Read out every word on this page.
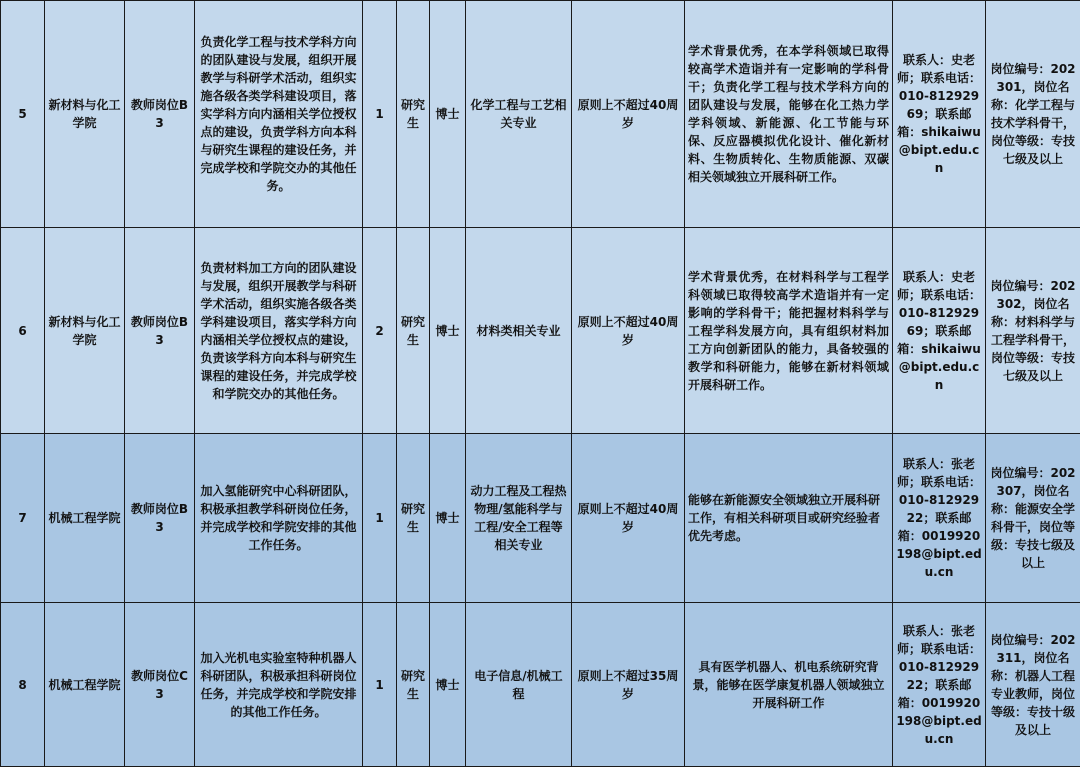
5	新材料与化工学院	教师岗位B3	负责化学工程与技术学科方向的团队建设与发展，组织开展教学与科研学术活动，组织实施各级各类学科建设项目，落实学科方向内涵相关学位授权点的建设，负责学科方向本科与研究生课程的建设任务，并完成学校和学院交办的其他任务。	1	研究生	博士	化学工程与工艺相关专业	原则上不超过40周岁	学术背景优秀，在本学科领域已取得较高学术造诣并有一定影响的学科骨干；负责化学工程与技术学科方向的团队建设与发展，能够在化工热力学学科领域、新能源、化工节能与环保、反应器模拟优化设计、催化新材料、生物质转化、生物质能源、双碳相关领域独立开展科研工作。	联系人：史老师；联系电话：010-81292969；联系邮箱：shikaiwu@bipt.edu.cn	岗位编号：202301，岗位名称：化学工程与技术学科骨干，岗位等级：专技七级及以上
6	新材料与化工学院	教师岗位B3	负责材料加工方向的团队建设与发展，组织开展教学与科研学术活动，组织实施各级各类学科建设项目，落实学科方向内涵相关学位授权点的建设，负责该学科方向本科与研究生课程的建设任务，并完成学校和学院交办的其他任务。	2	研究生	博士	材料类相关专业	原则上不超过40周岁	学术背景优秀，在材料科学与工程学科领域已取得较高学术造诣并有一定影响的学科骨干；能把握材料科学与工程学科发展方向，具有组织材料加工方向创新团队的能力，具备较强的教学和科研能力，能够在新材料领域开展科研工作。	联系人：史老师；联系电话：010-81292969；联系邮箱：shikaiwu@bipt.edu.cn	岗位编号：202302，岗位名称：材料科学与工程学科骨干，岗位等级：专技七级及以上
7	机械工程学院	教师岗位B3	加入氢能研究中心科研团队，积极承担教学科研岗位任务，并完成学校和学院安排的其他工作任务。	1	研究生	博士	动力工程及工程热物理/氢能科学与工程/安全工程等相关专业	原则上不超过40周岁	能够在新能源安全领域独立开展科研工作，有相关科研项目或研究经验者优先考虑。	联系人：张老师；联系电话：010-81292922；联系邮箱：0019920198@bipt.edu.cn	岗位编号：202307，岗位名称：能源安全学科骨干，岗位等级：专技七级及以上
8	机械工程学院	教师岗位C3	加入光机电实验室特种机器人科研团队，积极承担科研岗位任务，并完成学校和学院安排的其他工作任务。	1	研究生	博士	电子信息/机械工程	原则上不超过35周岁	具有医学机器人、机电系统研究背景，能够在医学康复机器人领域独立开展科研工作	联系人：张老师；联系电话：010-81292922；联系邮箱：0019920198@bipt.edu.cn	岗位编号：202311，岗位名称：机器人工程专业教师，岗位等级：专技十级及以上
